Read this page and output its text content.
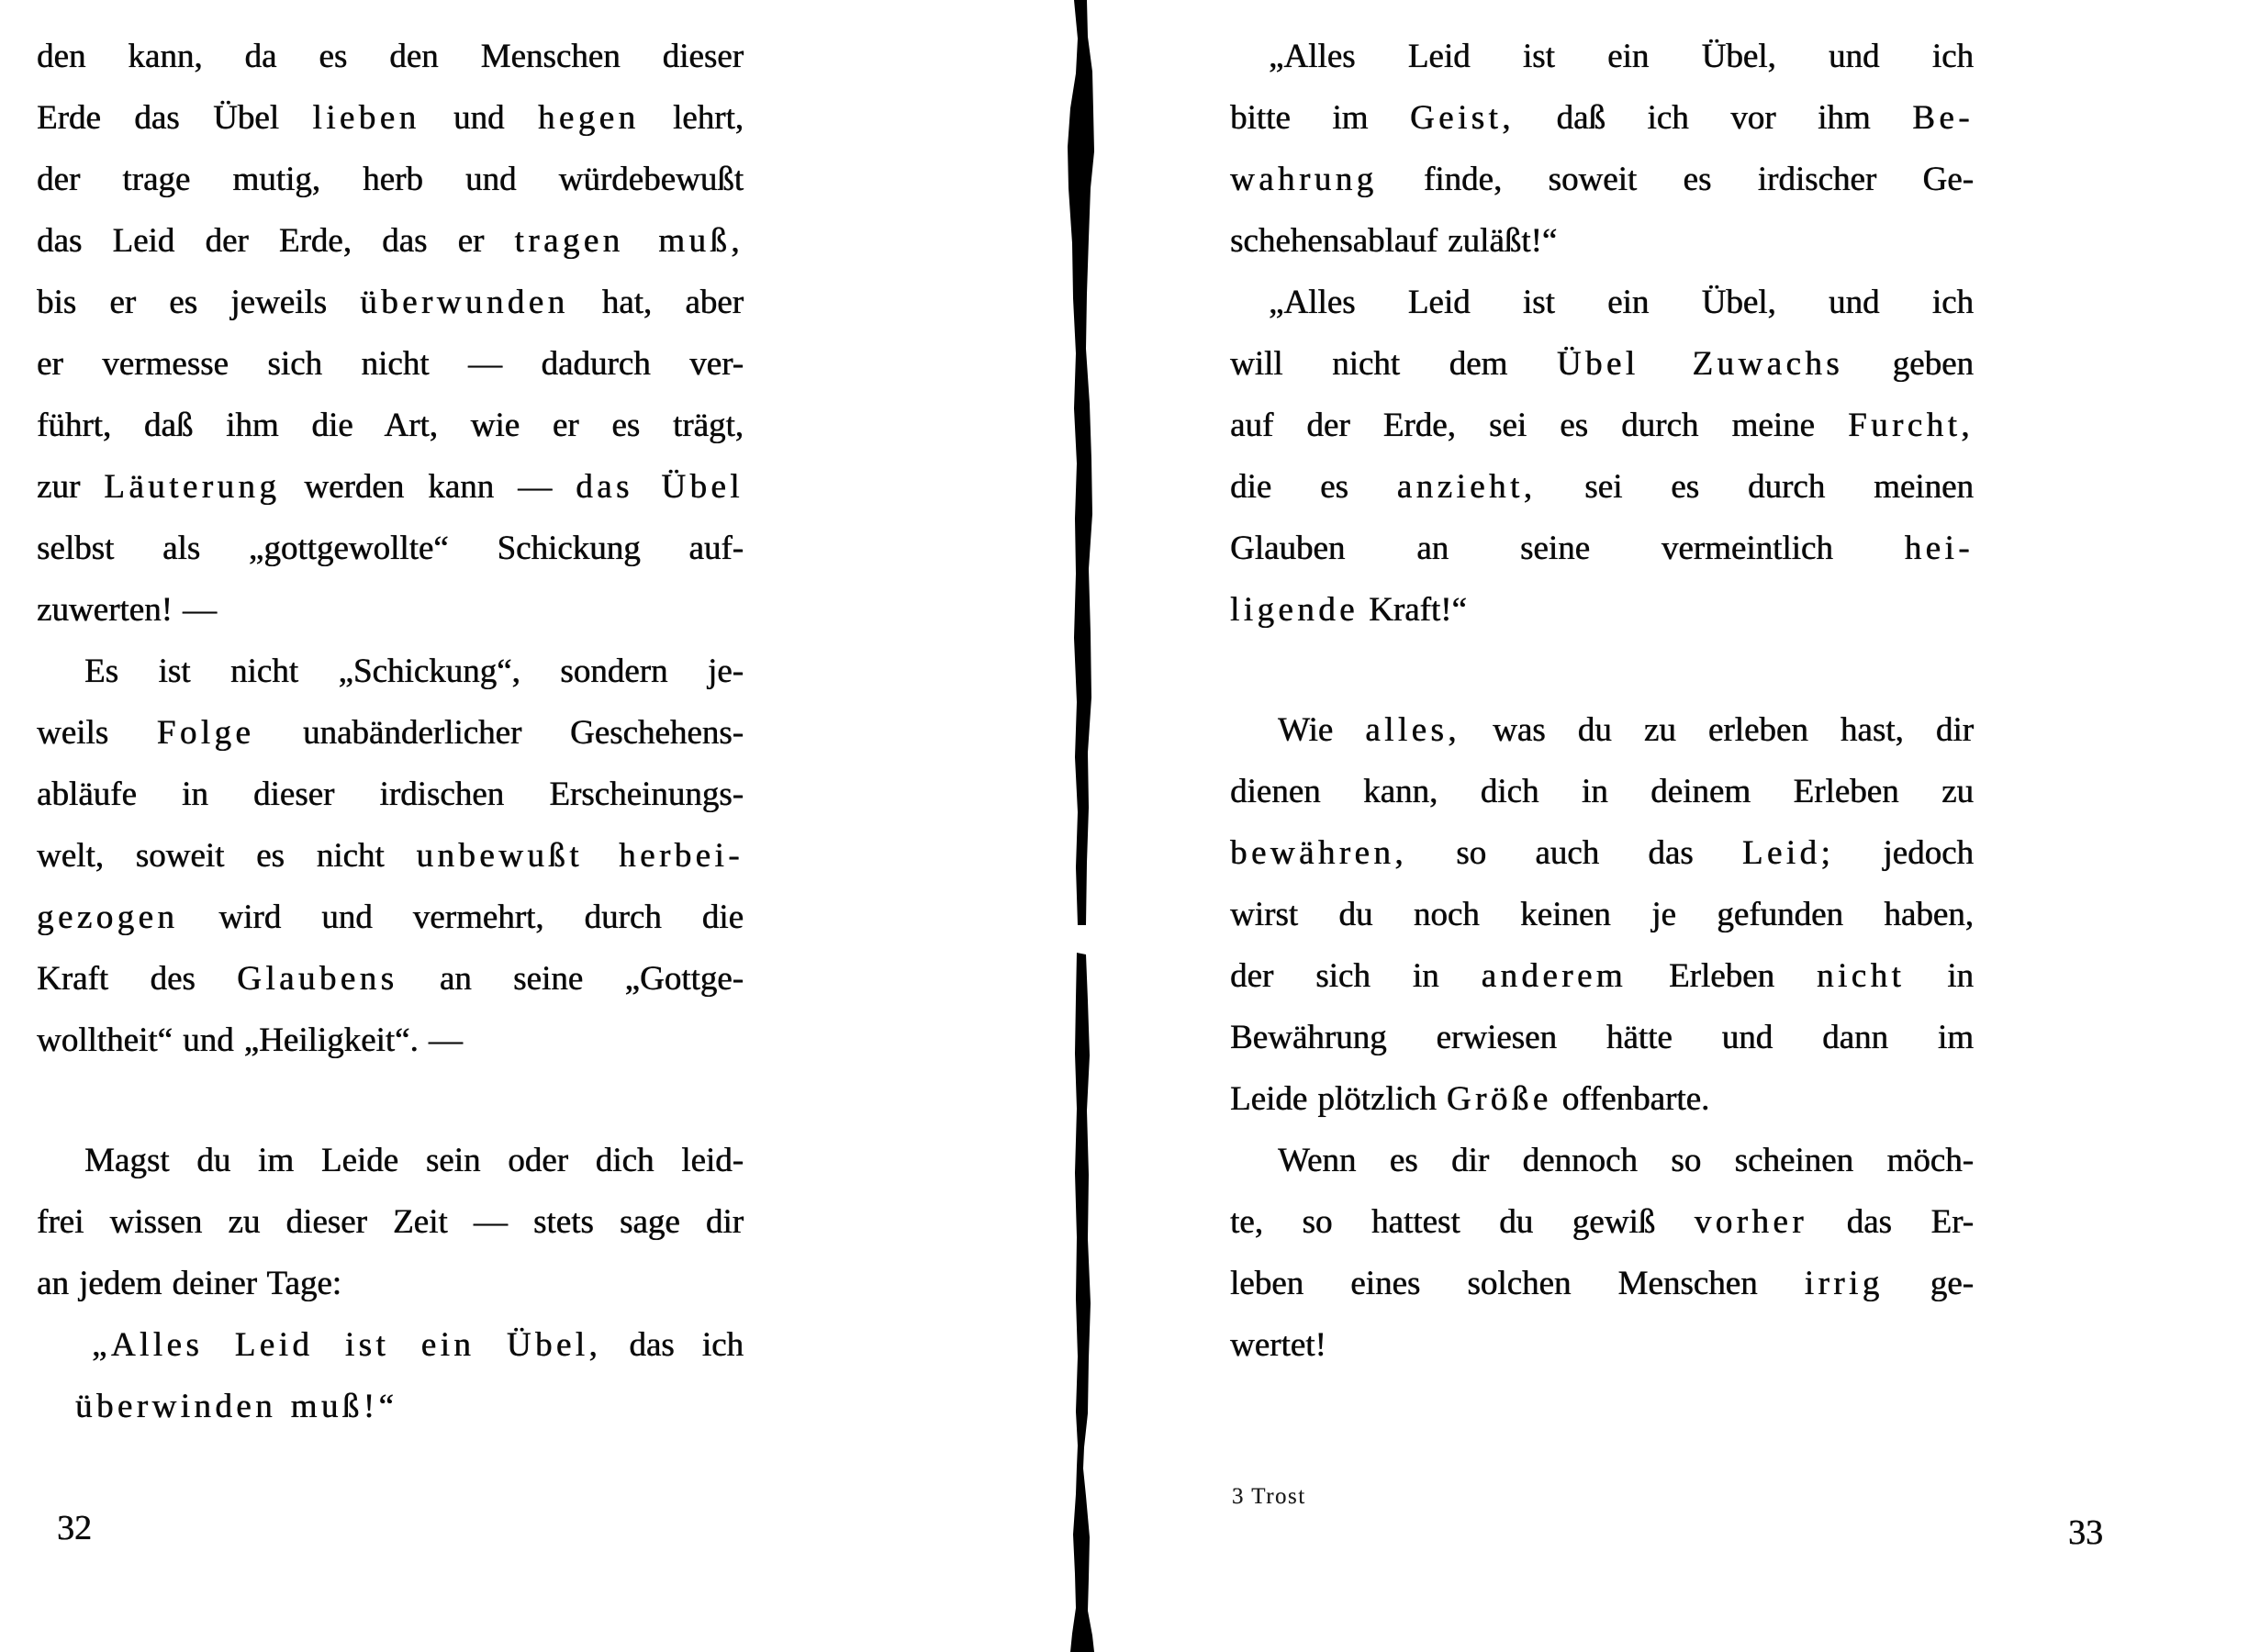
den kann, da es den Menschen dieser
Erde das Übel lieben und hegen lehrt,
der trage mutig, herb und würdebewußt
das Leid der Erde, das er tragen muß,
bis er es jeweils überwunden hat, aber
er vermesse sich nicht — dadurch ver-
führt, daß ihm die Art, wie er es trägt,
zur Läuterung werden kann — das Übel
selbst als „gottgewollte“ Schickung auf-
zuwerten! —
Es ist nicht „Schickung“, sondern je-
weils Folge unabänderlicher Geschehens-
abläufe in dieser irdischen Erscheinungs-
welt, soweit es nicht unbewußt herbei-
gezogen wird und vermehrt, durch die
Kraft des Glaubens an seine „Gottge-
wolltheit“ und „Heiligkeit“. —
Magst du im Leide sein oder dich leid-
frei wissen zu dieser Zeit — stets sage dir
an jedem deiner Tage:
„Alles Leid ist ein Übel, das ich
überwinden muß!“
32
„Alles Leid ist ein Übel, und ich
bitte im Geist, daß ich vor ihm Be-
wahrung finde, soweit es irdischer Ge-
schehensablauf zuläßt!“
„Alles Leid ist ein Übel, und ich
will nicht dem Übel Zuwachs geben
auf der Erde, sei es durch meine Furcht,
die es anzieht, sei es durch meinen
Glauben an seine vermeintlich hei-
ligende Kraft!“
Wie alles, was du zu erleben hast, dir
dienen kann, dich in deinem Erleben zu
bewähren, so auch das Leid; jedoch
wirst du noch keinen je gefunden haben,
der sich in anderem Erleben nicht in
Bewährung erwiesen hätte und dann im
Leide plötzlich Größe offenbarte.
Wenn es dir dennoch so scheinen möch-
te, so hattest du gewiß vorher das Er-
leben eines solchen Menschen irrig ge-
wertet!
3 Trost
33
